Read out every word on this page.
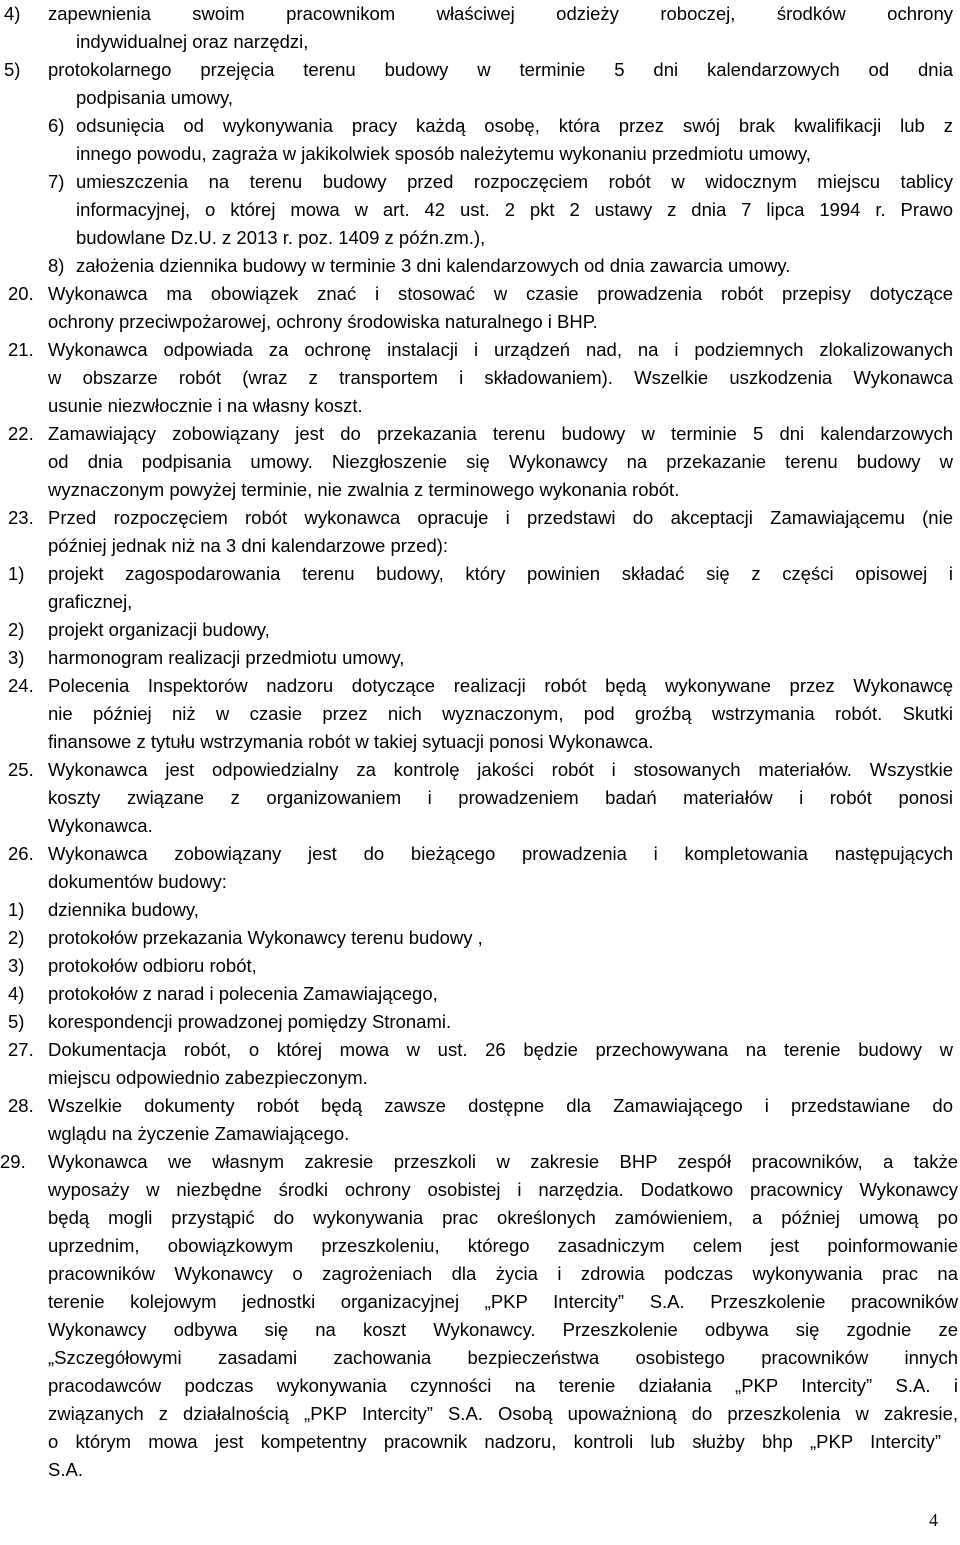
4
4) zapewnienia swoim pracownikom właściwej odzieży roboczej, środków ochrony
indywidualnej oraz narzędzi,
5) protokolarnego przejęcia terenu budowy w terminie 5 dni kalendarzowych od dnia
podpisania umowy,
6) odsunięcia od wykonywania pracy każdą osobę, która przez swój brak kwalifikacji lub z
innego powodu, zagraża w jakikolwiek sposób należytemu wykonaniu przedmiotu umowy,
7) umieszczenia na terenu budowy przed rozpoczęciem robót w widocznym miejscu tablicy
informacyjnej, o której mowa w art. 42 ust. 2 pkt 2 ustawy z dnia 7 lipca 1994 r. Prawo
budowlane Dz.U. z 2013 r. poz. 1409 z późn.zm.),
8) założenia dziennika budowy w terminie 3 dni kalendarzowych od dnia zawarcia umowy.
20. Wykonawca ma obowiązek znać i stosować w czasie prowadzenia robót przepisy dotyczące
ochrony przeciwpożarowej, ochrony środowiska naturalnego i BHP.
21. Wykonawca odpowiada za ochronę instalacji i urządzeń nad, na i podziemnych zlokalizowanych
w obszarze robót (wraz z transportem i składowaniem). Wszelkie uszkodzenia Wykonawca
usunie niezwłocznie i na własny koszt.
22. Zamawiający zobowiązany jest do przekazania terenu budowy w terminie 5 dni kalendarzowych
od dnia podpisania umowy. Niezgłoszenie się Wykonawcy na przekazanie terenu budowy w
wyznaczonym powyżej terminie, nie zwalnia z terminowego wykonania robót.
23. Przed rozpoczęciem robót wykonawca opracuje i przedstawi do akceptacji Zamawiającemu (nie
później jednak niż na 3 dni kalendarzowe przed):
1) projekt zagospodarowania terenu budowy, który powinien składać się z części opisowej i
graficznej,
2) projekt organizacji budowy,
3) harmonogram realizacji przedmiotu umowy,
24. Polecenia Inspektorów nadzoru dotyczące realizacji robót będą wykonywane przez Wykonawcę
nie później niż w czasie przez nich wyznaczonym, pod groźbą wstrzymania robót. Skutki
finansowe z tytułu wstrzymania robót w takiej sytuacji ponosi Wykonawca.
25. Wykonawca jest odpowiedzialny za kontrolę jakości robót i stosowanych materiałów. Wszystkie
koszty związane z organizowaniem i prowadzeniem badań materiałów i robót ponosi
Wykonawca.
26. Wykonawca zobowiązany jest do bieżącego prowadzenia i kompletowania następujących
dokumentów budowy:
1) dziennika budowy,
2) protokołów przekazania Wykonawcy terenu budowy ,
3) protokołów odbioru robót,
4) protokołów z narad i polecenia Zamawiającego,
5) korespondencji prowadzonej pomiędzy Stronami.
27. Dokumentacja robót, o której mowa w ust. 26 będzie przechowywana na terenie budowy w
miejscu odpowiednio zabezpieczonym.
28. Wszelkie dokumenty robót będą zawsze dostępne dla Zamawiającego i przedstawiane do
wglądu na życzenie Zamawiającego.
29. Wykonawca we własnym zakresie przeszkoli w zakresie BHP zespół pracowników, a także
wyposaży w niezbędne środki ochrony osobistej i narzędzia. Dodatkowo pracownicy Wykonawcy
będą mogli przystąpić do wykonywania prac określonych zamówieniem, a później umową po
uprzednim, obowiązkowym przeszkoleniu, którego zasadniczym celem jest poinformowanie
pracowników Wykonawcy o zagrożeniach dla życia i zdrowia podczas wykonywania prac na
terenie kolejowym jednostki organizacyjnej „PKP Intercity” S.A. Przeszkolenie pracowników
Wykonawcy odbywa się na koszt Wykonawcy. Przeszkolenie odbywa się zgodnie ze
„Szczegółowymi zasadami zachowania bezpieczeństwa osobistego pracowników innych
pracodawców podczas wykonywania czynności na terenie działania „PKP Intercity” S.A. i
związanych z działalnością „PKP Intercity” S.A. Osobą upoważnioną do przeszkolenia w zakresie,
o którym mowa jest kompetentny pracownik nadzoru, kontroli lub służby bhp „PKP Intercity”
S.A.
